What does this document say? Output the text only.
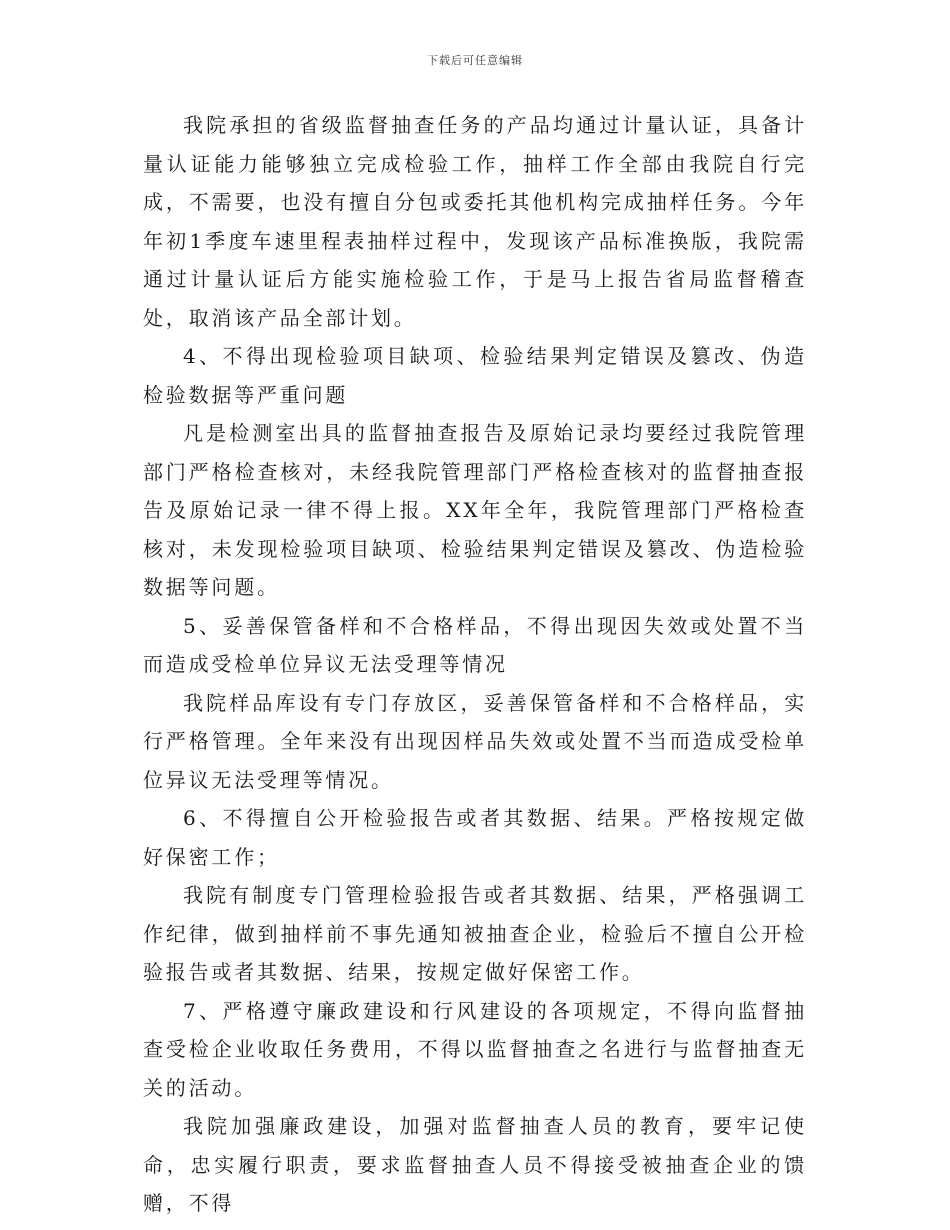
下载后可任意编辑

我院承担的省级监督抽查任务的产品均通过计量认证，具备计量认证能力能够独立完成检验工作，抽样工作全部由我院自行完成，不需要，也没有擅自分包或委托其他机构完成抽样任务。今年年初1季度车速里程表抽样过程中，发现该产品标准换版，我院需通过计量认证后方能实施检验工作，于是马上报告省局监督稽查处，取消该产品全部计划。

4、不得出现检验项目缺项、检验结果判定错误及篡改、伪造检验数据等严重问题

凡是检测室出具的监督抽查报告及原始记录均要经过我院管理部门严格检查核对，未经我院管理部门严格检查核对的监督抽查报告及原始记录一律不得上报。XX年全年，我院管理部门严格检查核对，未发现检验项目缺项、检验结果判定错误及篡改、伪造检验数据等问题。

5、妥善保管备样和不合格样品，不得出现因失效或处置不当而造成受检单位异议无法受理等情况

我院样品库设有专门存放区，妥善保管备样和不合格样品，实行严格管理。全年来没有出现因样品失效或处置不当而造成受检单位异议无法受理等情况。

6、不得擅自公开检验报告或者其数据、结果。严格按规定做好保密工作；

我院有制度专门管理检验报告或者其数据、结果，严格强调工作纪律，做到抽样前不事先通知被抽查企业，检验后不擅自公开检验报告或者其数据、结果，按规定做好保密工作。

7、严格遵守廉政建设和行风建设的各项规定，不得向监督抽查受检企业收取任务费用，不得以监督抽查之名进行与监督抽查无关的活动。

我院加强廉政建设，加强对监督抽查人员的教育，要牢记使命，忠实履行职责，要求监督抽查人员不得接受被抽查企业的馈赠，不得
